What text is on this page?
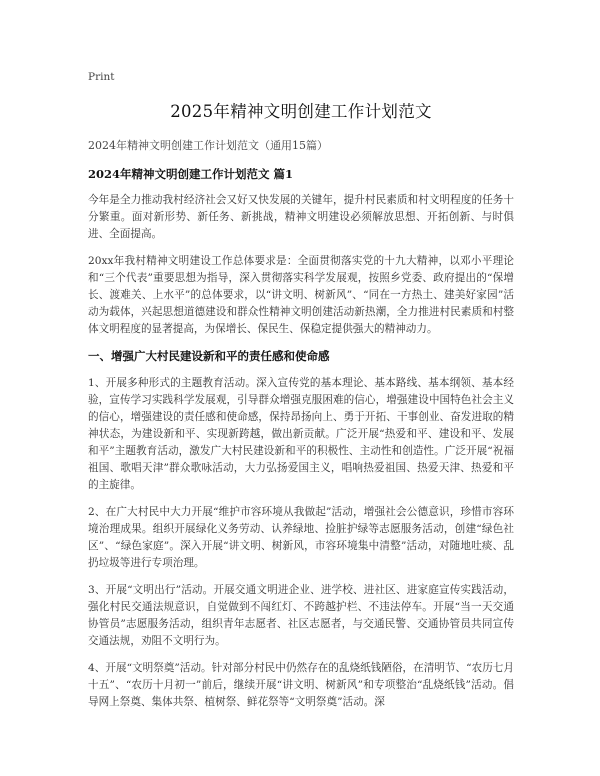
Print
2025年精神文明创建工作计划范文
2024年精神文明创建工作计划范文（通用15篇）
2024年精神文明创建工作计划范文 篇1

今年是全力推动我村经济社会又好又快发展的关键年，提升村民素质和村文明程度的任务十分繁重。面对新形势、新任务、新挑战，精神文明建设必须解放思想、开拓创新、与时俱进、全面提高。

20xx年我村精神文明建设工作总体要求是：全面贯彻落实党的十九大精神，以邓小平理论和“三个代表”重要思想为指导，深入贯彻落实科学发展观，按照乡党委、政府提出的“保增长、渡难关、上水平”的总体要求，以“讲文明、树新风”、“同在一方热土、建美好家园”活动为载体，兴起思想道德建设和群众性精神文明创建活动新热潮，全力推进村民素质和村整体文明程度的显著提高，为保增长、保民生、保稳定提供强大的精神动力。

一、增强广大村民建设新和平的责任感和使命感

1、开展多种形式的主题教育活动。深入宣传党的基本理论、基本路线、基本纲领、基本经验，宣传学习实践科学发展观，引导群众增强克服困难的信心，增强建设中国特色社会主义的信心，增强建设的责任感和使命感，保持昂扬向上、勇于开拓、干事创业、奋发进取的精神状态，为建设新和平、实现新跨越，做出新贡献。广泛开展“热爱和平、建设和平、发展和平”主题教育活动，激发广大村民建设新和平的积极性、主动性和创造性。广泛开展“祝福祖国、歌唱天津”群众歌咏活动，大力弘扬爱国主义，唱响热爱祖国、热爱天津、热爱和平的主旋律。

2、在广大村民中大力开展“维护市容环境从我做起”活动，增强社会公德意识，珍惜市容环境治理成果。组织开展绿化义务劳动、认养绿地、捡脏护绿等志愿服务活动，创建“绿色社区”、“绿色家庭”。深入开展“讲文明、树新风，市容环境集中清整”活动，对随地吐痰、乱扔垃圾等进行专项治理。

3、开展“文明出行”活动。开展交通文明进企业、进学校、进社区、进家庭宣传实践活动，强化村民交通法规意识，自觉做到不闯红灯、不跨越护栏、不违法停车。开展“当一天交通协管员”志愿服务活动，组织青年志愿者、社区志愿者，与交通民警、交通协管员共同宣传交通法规，劝阻不文明行为。

4、开展“文明祭奠”活动。针对部分村民中仍然存在的乱烧纸钱陋俗，在清明节、“农历七月十五”、“农历十月初一”前后，继续开展“讲文明、树新风”和专项整治“乱烧纸钱”活动。倡导网上祭奠、集体共祭、植树祭、鲜花祭等“文明祭奠”活动。深
